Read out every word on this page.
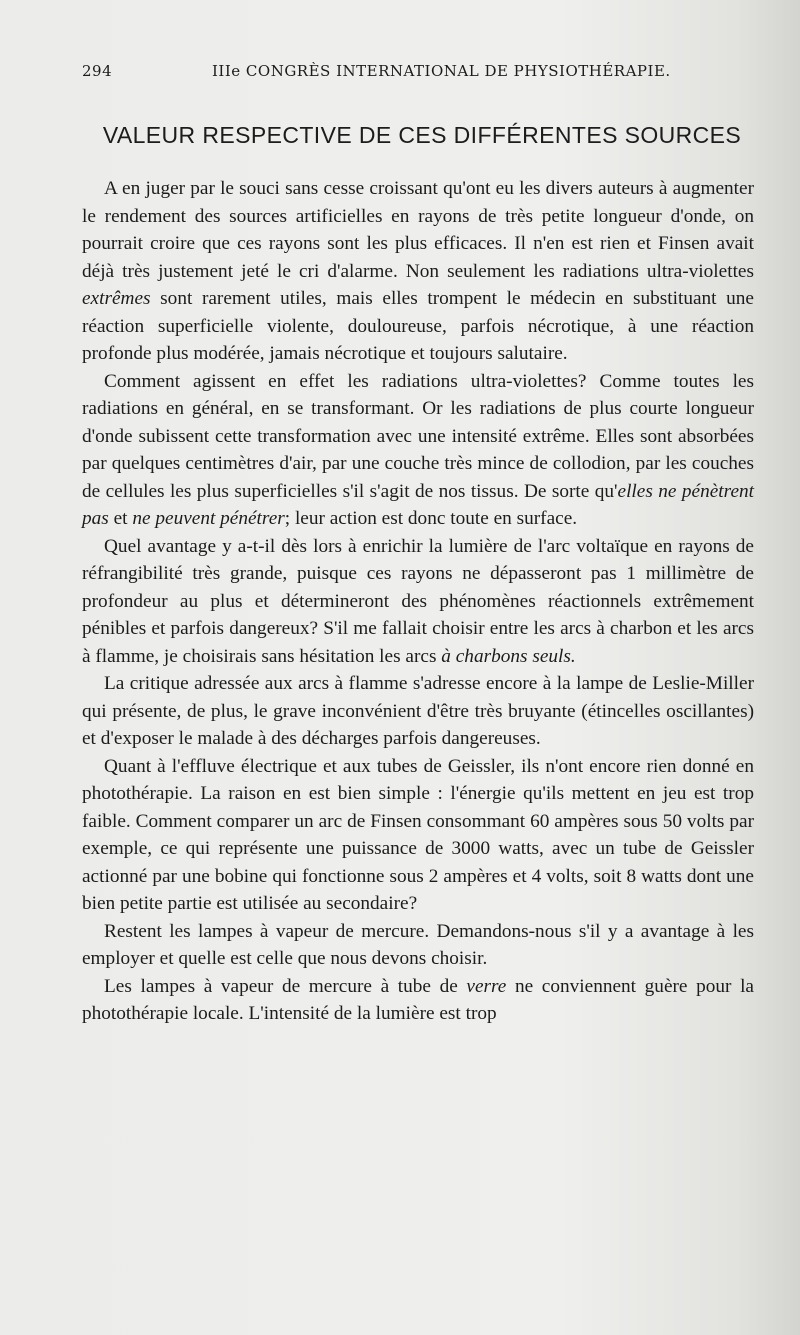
294	IIIe CONGRÈS INTERNATIONAL DE PHYSIOTHÉRAPIE.
VALEUR RESPECTIVE DE CES DIFFÉRENTES SOURCES

A en juger par le souci sans cesse croissant qu'ont eu les divers auteurs à augmenter le rendement des sources artificielles en rayons de très petite longueur d'onde, on pourrait croire que ces rayons sont les plus efficaces. Il n'en est rien et Finsen avait déjà très justement jeté le cri d'alarme. Non seulement les radiations ultra-violettes extrêmes sont rarement utiles, mais elles trompent le médecin en substituant une réaction superficielle violente, douloureuse, parfois nécrotique, à une réaction profonde plus modérée, jamais nécrotique et toujours salutaire.

Comment agissent en effet les radiations ultra-violettes? Comme toutes les radiations en général, en se transformant. Or les radiations de plus courte longueur d'onde subissent cette transformation avec une intensité extrême. Elles sont absorbées par quelques centimètres d'air, par une couche très mince de collodion, par les couches de cellules les plus superficielles s'il s'agit de nos tissus. De sorte qu'elles ne pénètrent pas et ne peuvent pénétrer; leur action est donc toute en surface.

Quel avantage y a-t-il dès lors à enrichir la lumière de l'arc voltaïque en rayons de réfrangibilité très grande, puisque ces rayons ne dépasseront pas 1 millimètre de profondeur au plus et détermineront des phénomènes réactionnels extrêmement pénibles et parfois dangereux? S'il me fallait choisir entre les arcs à charbon et les arcs à flamme, je choisirais sans hésitation les arcs à charbons seuls.

La critique adressée aux arcs à flamme s'adresse encore à la lampe de Leslie-Miller qui présente, de plus, le grave inconvénient d'être très bruyante (étincelles oscillantes) et d'exposer le malade à des décharges parfois dangereuses.

Quant à l'effluve électrique et aux tubes de Geissler, ils n'ont encore rien donné en photothérapie. La raison en est bien simple : l'énergie qu'ils mettent en jeu est trop faible. Comment comparer un arc de Finsen consommant 60 ampères sous 50 volts par exemple, ce qui représente une puissance de 3000 watts, avec un tube de Geissler actionné par une bobine qui fonctionne sous 2 ampères et 4 volts, soit 8 watts dont une bien petite partie est utilisée au secondaire?

Restent les lampes à vapeur de mercure. Demandons-nous s'il y a avantage à les employer et quelle est celle que nous devons choisir.

Les lampes à vapeur de mercure à tube de verre ne conviennent guère pour la photothérapie locale. L'intensité de la lumière est trop
